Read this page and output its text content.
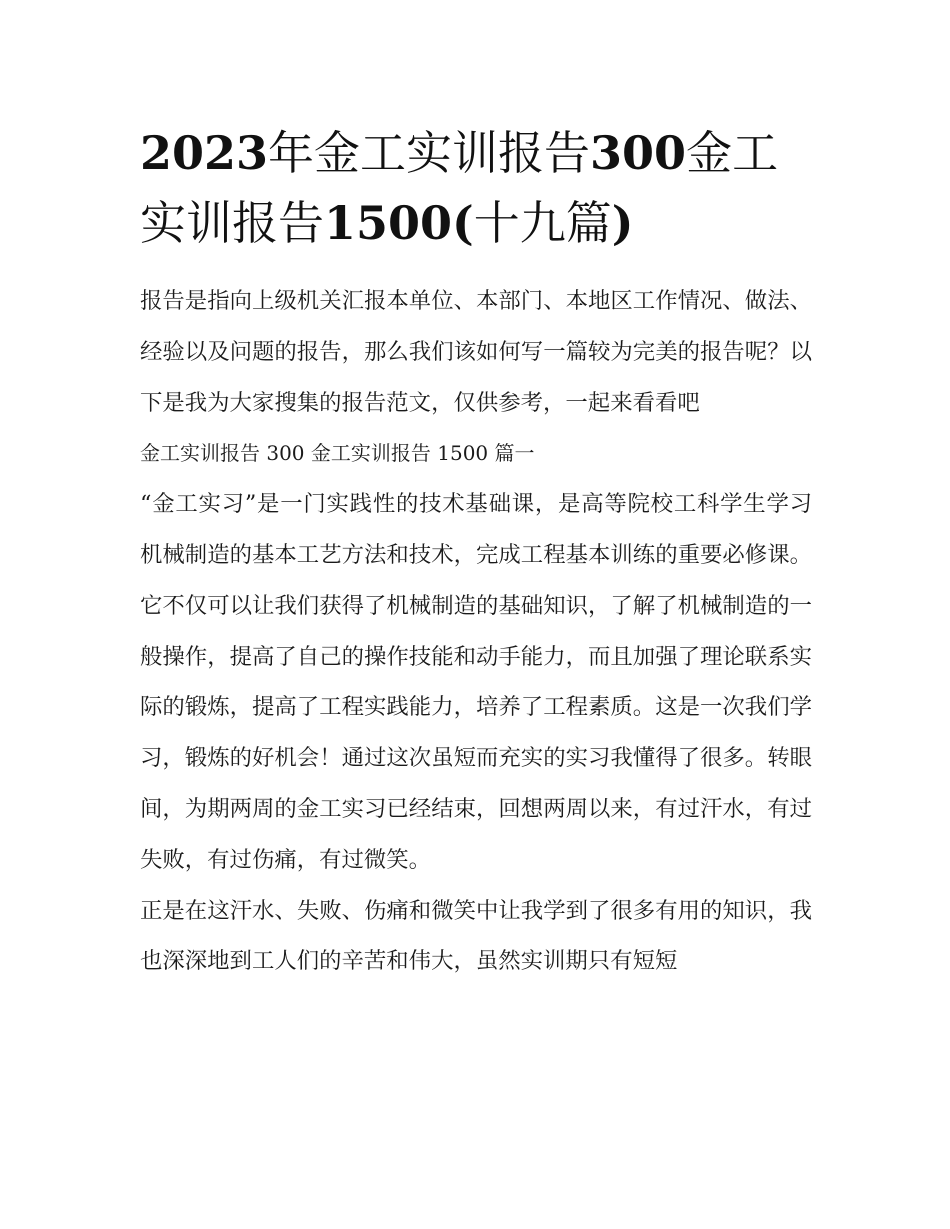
2023年金工实训报告300金工实训报告1500(十九篇)

报告是指向上级机关汇报本单位、本部门、本地区工作情况、做法、经验以及问题的报告，那么我们该如何写一篇较为完美的报告呢？以下是我为大家搜集的报告范文，仅供参考，一起来看看吧

金工实训报告 300 金工实训报告 1500 篇一

“金工实习”是一门实践性的技术基础课，是高等院校工科学生学习机械制造的基本工艺方法和技术，完成工程基本训练的重要必修课。它不仅可以让我们获得了机械制造的基础知识，了解了机械制造的一般操作，提高了自己的操作技能和动手能力，而且加强了理论联系实际的锻炼，提高了工程实践能力，培养了工程素质。这是一次我们学习，锻炼的好机会！通过这次虽短而充实的实习我懂得了很多。转眼间，为期两周的金工实习已经结束，回想两周以来，有过汗水，有过失败，有过伤痛，有过微笑。

正是在这汗水、失败、伤痛和微笑中让我学到了很多有用的知识，我也深深地到工人们的辛苦和伟大，虽然实训期只有短短
